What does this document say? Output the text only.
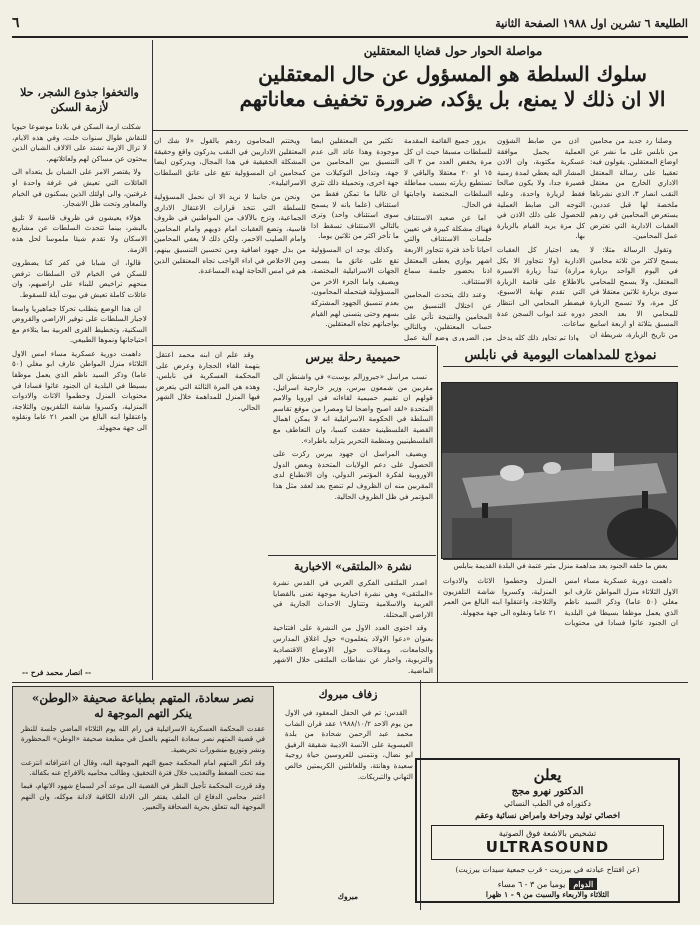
الطليعة ٦ تشرين اول ١٩٨٨ الصفحة الثانية
٦
مواصلة الحوار حول قضايا المعتقلين
سلوك السلطة هو المسؤول عن حال المعتقلين
الا ان ذلك لا يمنع، بل يؤكد، ضرورة تخفيف معاناتهم

وصلنا رد جديد من محامين من نابلس على ما نشر عن اوضاع المعتقلين. يقولون فيه: تعقيبا على رسالة المعتقل الاداري الخارج من معتقل النقب انصار ٣، الذي نشرناها ملخصة لها قبل عددين، يستعرض المحامين في ردهم العقبات الادارية التي تعترض عمل المحامين.

وتقول الرسالة مثلا: لا يسمح لاكثر من ثلاثة محامين في اليوم الواحد بزيارة المعتقل، ولا يسمح للمحامي سوى بزيارة ثلاثين معتقلا في كل مرة، ولا تسمح الزيارة للمحامي الا بعد الحجز المسبق بثلاثة او اربعة اسابيع من تاريخ الزيارة، شريطة ان

اذن من ضابط الشؤون العملية يحمل موافقة عسكرية مكتوبة، وان الاذن المشار اليه يعطي لمدة زمنية قصيرة جدا، ولا يكون صالحا فقط لزيارة واحدة، وعليه التوجه الى ضابط العملية للحصول على ذلك الاذن في كل مرة يريد القيام بالزيارة بها.

يعد اجتياز كل العقبات الادارية (ولا نتجاوز الا بكل مرارة) تبدأ زيارة الاسيرة بالاطلاع على قائمة الزيارة التي تقدم نهاية الاسبوع، فيضطر المحامي الى انتظار دوره عند ابواب السجن عدة ساعات.

واذا تم تجاوز ذلك كله يدخل

يزور جميع القائمة المقدمة للسلطات مسبقا حيث ان كل مرة يخفض العدد من ٢ الى ١٥ او ٢٠ معتقلا والباقي لا تستطيع زيارته بسبب مماطلة السلطات المختصة واجابتها في الحال.

اما عن صعيد الاستئناف فهناك مشكلة كبيرة في تعيين جلسات الاستئناف والتي احيانا تأخذ فترة تتجاوز الاربعة اشهر يوازي يعطى المعتقل اذنا بحضور جلسة سماع الاستئناف.

وعند ذلك يتحدث المحامين عن اختلال التنسيق بين المحامين والنتيجة تأتي على حساب المعتقلين، وبالتالي من الضروري وضع آلية عمل

تكثير من المعتقلين ايضا موجودة وهذا عائد الى عدم التنسيق بين المحامين من جهة، وتداخل التوكيلات من جهة اخرى، وتحميلة ذلك تثري ان غالبا ما تمكن فقط من استئناف (علما بانه لا يسمح سوى استئناف واحد) وترى بالتالي الاستئناف تسقط اذا ما تأخر اكثر من ثلاثين يوما.

وكذلك يوجد ان المسؤولية تقع على عاتق ما يسمى الجهات الاسرائيلية المختصة، ويضيف واما الجزء الاخر من المسؤولية فيتحمله المحامون، بعدم تنسيق الجهود المشتركة بسهم وحتى يتسنى لهم القيام بواجباتهم تجاه المعتقلين.

ويختتم المحامون ردهم بالقول «لا شك ان المعتقلين الاداريين في النقب يدركون واقع وحقيقة المشكلة الحقيقية في هذا المجال، ويدركون ايضا كمحامين ان المسؤولية تقع على عاتق السلطات الاسرائيلية».

ونحن من جانبنا لا نريد الا ان نحمل المسؤولية للسلطة التي تتخذ قرارات الاعتقال الاداري الجماعية، وتزج بالآلاف من المواطنين في ظروف قاسية، وتضع العقبات امام ذويهم وامام المحامين وامام الصليب الاحمر. ولكن ذلك لا يعفي المحامين من بذل جهود اضافية ومن تحسين التنسيق بينهم، ومن الاخلاص في اداء الواجب تجاه المعتقلين الذين هم في امس الحاجة لهذه المساعدة.

حميمية رحلة بيرس

نسب مراسل «جيروزالم بوست» في واشنطن الى مقربين من شمعون بيرس، وزير خارجية اسرائيل، قولهم ان تقييم حميمية لقاءاته في اوروبا والامم المتحدة «لقد اصبح واضحا لنا ومصرا من موقع تقاسم السلطة في الحكومة الاسرائيلية انه لا يمكن اهمال القضية الفلسطينية حققت كسبا، وان التعاطف مع الفلسطينيين ومنظمة التحرير يتزايد باطراد».

ويضيف المراسل ان جهود بيرس ركزت على الحصول على دعم الولايات المتحدة وبعض الدول الاوروبية لفكرة المؤتمر الدولي، وان الانطباع لدى المقربين منه ان الظروف لم تنضج بعد لعقد مثل هذا المؤتمر في ظل الظروف الحالية.

وقد علم ان ابنه محمد اعتقل بتهمة القاء الحجارة وعرض على المحكمة العسكرية في نابلس، وهذه هي المرة الثالثة التي يتعرض فيها المنزل للمداهمة خلال الشهر الحالي.

نشرة «الملتقى» الاخبارية

اصدر الملتقى الفكري العربي في القدس نشرة «الملتقى» وهي نشرة اخبارية موجهة تعنى بالقضايا العربية والاسلامية وتتناول الاحداث الجارية في الاراضي المحتلة.

وقد احتوى العدد الاول من النشرة على افتتاحية بعنوان «دعوا الاولاد يتعلمون» حول اغلاق المدارس والجامعات، ومقالات حول الاوضاع الاقتصادية والتربوية، واخبار عن نشاطات الملتقى خلال الاشهر الماضية.

نموذج للمداهمات اليومية في نابلس
بعض ما خلفه الجنود بعد مداهمة منزل مثير عتمة في البلدة القديمة بنابلس

داهمت دورية عسكرية مساء امس الاول الثلاثاء منزل المواطن عارف ابو مغلي (٥٠ عاما) وذكر السيد ناظم الذي يعمل موظفا بسيطا في البلدية ان الجنود عاثوا فسادا في محتويات المنزل وحطموا الاثاث والادوات المنزلية، وكسروا شاشة التلفزيون والثلاجة، واعتقلوا ابنه البالغ من العمر ٢١ عاما ونقلوه الى جهة مجهولة.

زفاف مبروك

القدس: تم في الحفل المعقود في الاول من يوم الاحد ١٩٨٨/١٠/٢ عقد قران الشاب محمد عبد الرحمن شحادة من بلدة العيسوية على الآنسة الاديبة شقيقة الرفيق ابو نضال، ونتمنى للعروسين حياة زوجية سعيدة وهانئة، وللعائلتين الكريمتين خالص التهاني والتبريكات.

مبروك
يعلن
الدكتور نهرو مجج
دكتوراه في الطب النسائي
اخصائي توليد وجراحة وامراض نسائية وعقم
تشخيص بالاشعة فوق الصوتية
ULTRASOUND
(عن افتتاح عيادته في بيرزيت - قرب جمعية سيدات بيرزيت)
الدوام
يوميا من ٣ - ٦ مساء
الثلاثاء والاربعاء والسبت من ٩ - ١ ظهرا
والتخفوا جذوع الشجر، حلا
لأزمة السكن

شكلت ازمة السكن في بلادنا موضوعا حيويا للنقاش طوال سنوات خلت، وفي هذه الايام، لا تزال الازمة تشتد على الالاف الشبان الذين يبحثون عن مساكن لهم ولعائلاتهم.

ولا يقتصر الامر على الشبان بل يتعداه الى العائلات التي تعيش في غرفة واحدة او غرفتين، والى اولئك الذين يسكنون في الخيام والمغاور وتحت ظل الاشجار.

هؤلاء يعيشون في ظروف قاسية لا تليق بالبشر، بينما تتحدث السلطات عن مشاريع الاسكان ولا تقدم شيئا ملموسا لحل هذه الازمة.

قالوا، ان شبابا في كفر كنا يضطرون للسكن في الخيام لان السلطات ترفض منحهم تراخيص للبناء على اراضيهم، وان عائلات كاملة تعيش في بيوت آيلة للسقوط.

ان هذا الوضع يتطلب تحركا جماهيريا واسعا لاجبار السلطات على توفير الاراضي والقروض السكنية، وتخطيط القرى العربية بما يتلاءم مع احتياجاتها ونموها الطبيعي.

داهمت دورية عسكرية مساء امس الاول الثلاثاء منزل المواطن عارف ابو مغلي (٥٠ عاما) وذكر السيد ناظم الذي يعمل موظفا بسيطا في البلدية ان الجنود عاثوا فسادا في محتويات المنزل وحطموا الاثاث والادوات المنزلية، وكسروا شاشة التلفزيون والثلاجة، واعتقلوا ابنه البالغ من العمر ٢١ عاما ونقلوه الى جهة مجهولة.

-- انصار محمد فرح --
نصر سعادة، المتهم بطباعة صحيفة «الوطن»
ينكر التهم الموجهة له

عقدت المحكمة العسكرية الاسرائيلية في رام الله يوم الثلاثاء الماضي جلسة للنظر في قضية المتهم نصر سعادة المتهم بالعمل في مطبعة صحيفة «الوطن» المحظورة ونشر وتوزيع منشورات تحريضية.

وقد انكر المتهم امام المحكمة جميع التهم الموجهة اليه، وقال ان اعترافاته انتزعت منه تحت الضغط والتعذيب خلال فترة التحقيق، وطالب محاميه بالافراج عنه بكفالة.

وقد قررت المحكمة تأجيل النظر في القضية الى موعد آخر لسماع شهود الاتهام، فيما اعتبر محامي الدفاع ان الملف يفتقر الى الادلة الكافية لادانة موكله، وان التهم الموجهة اليه تتعلق بحرية الصحافة والتعبير.
